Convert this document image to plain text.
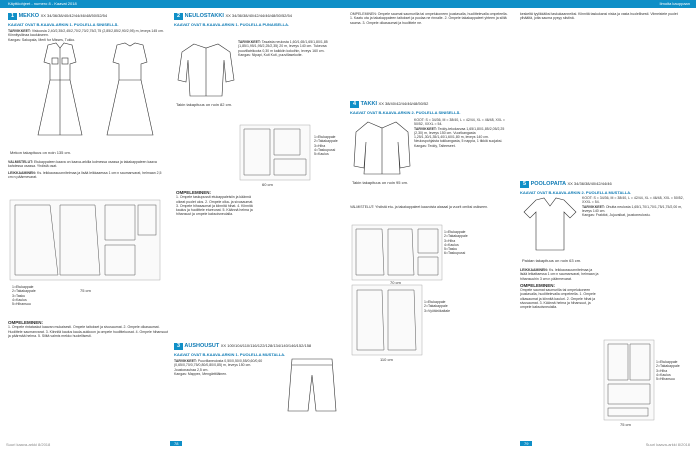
Käyttöohjeet - numero 8 - Kaavat 2018	Ilmoita kauppaan
1 MEKKO XX 34/36/38/40/42/44/46/48/50/52/54
KAAVAT OVAT B-KAAVA-ARKIN 1. PUOLELLA SINISELLÄ.
TARVIKKEET: Viskoosia 2,40/2,35/2,45/2,70/2,70/2,75/2,75 (2,85/2,85/2,90/2,95) m, leveys 145 cm. Kiinnitysliinaa kaulukseen.
Kangas: Sakupala, Merli for Misses, Tukko.
Mekon takapituus on noin 135 cm.
VALMISTELUT: Etukappaleen kaava on kaava-arkilla kolmessa osassa ja takakappaleen kaava kahdessa osassa. Yhdistä osat.
LEIKKAAMINEN: Ks. leikkaussuunnitelmaa ja lisää leikkaaessa 1 cm:n saumanvarat, helmaan 2,5 cm:n päärmevarat.
1=Etukappale
2=Takakappale
3=Tasku
4=Kaulus
5=Hihansuu
75 cm
OMPELEMINEN:
1. Ompele rintataskut kaavan mukaisesti. Ompele taitokset ja sivusaumat. 2. Ompele olkasaumat. Huolittele saumanvarat. 3. Kiinnitä kaulus kaula-aukkoon ja ompele huolitteluosat. 4. Ompele hihansuut ja päärmää helma. 5. Silitä valmis mekko huolellisesti.
2 NEULOSTAKKI XX 34/36/38/40/42/44/46/48/50/52/54
KAAVAT OVAT B-KAAVA-ARKIN 1. PUOLELLA PUNAISELLA.
Takin takapituus on noin 82 cm.
TARVIKKEET: Tasaista neulosta 1,60/1,65/1,65/1,80/1,85 (1,85/1,95/1,95/2,25/2,35) 20 m, leveys 140 cm. Tukevaa puuvillatrikoota 0,30 m kaikkiin kokoihin, leveys 160 cm.
Kangas: Nipapi, Kuti Kuti, puuvillasekoite.
1=Etukappale
2=Takakappale
3=Hiha
4=Taskupussi
5=Kaulus
60 cm
OMPELEMINEN:
1. Ompele taskupussit etukappaleisiin ja käännä oikeat puolet ulos. 2. Ompele olka- ja sivusaumat. 3. Ompele hihasaumat ja kiinnitä hihat. 4. Kiinnitä kaulus ja huolittele etureunat. 5. Käännä helma ja hihansuut ja ompele kaksoisneulalla.
3 AUSHOUSUT XX 100/104/110/116/122/128/134/140/146/152/158
KAAVAT OVAT B-KAAVA-ARKIN 1. PUOLELLA MUSTALLA.
TARVIKKEET: Puuvillaneulosta 0,50/0,50/0,55/0,60/0,60 (0,65/0,70/0,75/0,80/0,80/0,85) m, leveys 150 cm. Joustonauhaa 2,5 cm.
Kangas: Mappex, Mengärttiläinen.
OMPELEMINEN: Ompele saumat saumurilla tai ompelukoneen joustavalla, huolittelevalla ompeleella. 1. Kaatu ota ja takakappaleen taitokset ja puolaa ne rinnalle. 2. Ompele takakappaleet yhteen ja silitä sauma. 3. Ompele olkasaumat ja huolittele ne.
1=Etukappale
2=Takakappale
3=Vyötärökaitale
110 cm
4 TAKKI XX 38/40/42/44/46/48/50/52
KAAVAT OVAT B-KAAVA-ARKIN 2. PUOLELLA SINISELLÄ.
Takin takapituus on noin 95 cm.
KOOT: S = 34/36, M = 38/40, L = 42/44, XL = 46/48, XXL = 50/52, XXXL = 54.
TARVIKKEET: Teddy-tekokarvaa 1,65/1,80/1,85/2,05/2,25 (2,30) m, leveys 150 cm. Vuorikangasta 1,25/1,30/1,35/1,40/1,60/1,80 m, leveys 140 cm. Neulospohjaista tukikangasta, 5 nappia, 1 tikkiä suojaksi.
Kangas: Teddy, Taiteeseet.
VALMISTELUT: Yhdistä etu- ja takakappaleet kaavoista alasaal ja vuorit omiksi osikseen.
1=Etukappale
2=Takakappale
3=Hiha
4=Kaulus
5=Tasku
6=Taskupussi
70 cm
keskeltä tyylikkäiksi taskukaanneiksi. Kiinnitä taskukansi niska ja vasta huolellisesti. Viimeistele puolet ylhäältä, jotta sauma pysyy siistinä.
5 POOLOPAITA XX 34/36/38/40/42/44/46
KAAVAT OVAT B-KAAVA-ARKIN 2. PUOLELLA MUSTALLA.
KOOT: S = 34/36, M = 38/40, L = 42/44, XL = 46/48, XXL = 50/52, XXXL = 54.
TARVIKKEET: Ohutta neulosta 1,65/1,70/1,70/1,75/1,75/2,00 m, leveys 140 cm.
Kangas: Fraktiot, Jujuvaikat, joustoneulostu.
Paidan takapituus on noin 63 cm.
LEIKKAAMINEN: Ks. leikkaussuunnitelmaa ja lisää leikattaessa 1 cm:n saumanvarat, helmaan ja hihansuuhin 3 cm:n päärmevarat.
OMPELEMINEN:
Ompele saumat saumurilla tai ompelukoneen joustavalla, huolittelevalla ompeleella. 1. Ompele olkasaumat ja kiinnitä kauluri. 2. Ompele hihat ja sivusaumat. 3. Käännä helma ja hihansuut, ja ompele kaksoisneulalla.
1=Etukappale
2=Takakappale
3=Hiha
4=Kaulus
5=Hihansuu
75 cm
Suuri kaava-arkki 8/2018	78	79	Suuri kaava-arkki 8/2018
